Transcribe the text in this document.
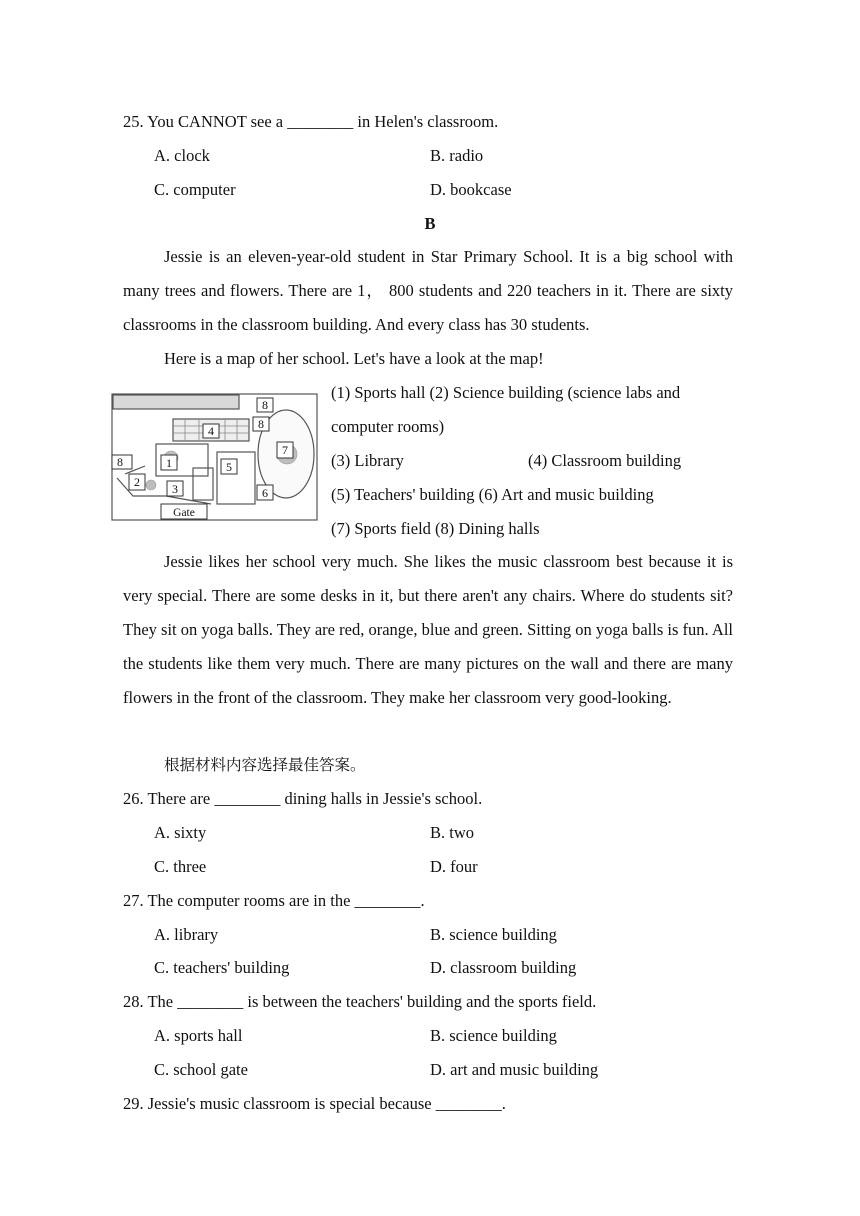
25. You CANNOT see a ________ in Helen's classroom.
A. clock	B. radio
C. computer	D. bookcase
B
Jessie is an eleven-year-old student in Star Primary School. It is a big school with many trees and flowers. There are 1， 800 students and 220 teachers in it. There are sixty classrooms in the classroom building. And every class has 30 students.
Here is a map of her school. Let's have a look at the map!
8
8
4
7
1	5
8
2	3	6
Gate
(1) Sports hall (2) Science building (science labs and
computer rooms)
(3) Library	(4) Classroom building
(5) Teachers' building (6) Art and music building
(7) Sports field (8) Dining halls
Jessie likes her school very much. She likes the music classroom best because it is very special. There are some desks in it, but there aren't any chairs. Where do students sit? They sit on yoga balls. They are red, orange, blue and green. Sitting on yoga balls is fun. All the students like them very much. There are many pictures on the wall and there are many flowers in the front of the classroom. They make her classroom very good-looking.
根据材料内容选择最佳答案。
26. There are ________ dining halls in Jessie's school.
A. sixty	B. two
C. three	D. four
27. The computer rooms are in the ________.
A. library	B. science building
C. teachers' building	D. classroom building
28. The ________ is between the teachers' building and the sports field.
A. sports hall	B. science building
C. school gate	D. art and music building
29. Jessie's music classroom is special because ________.
